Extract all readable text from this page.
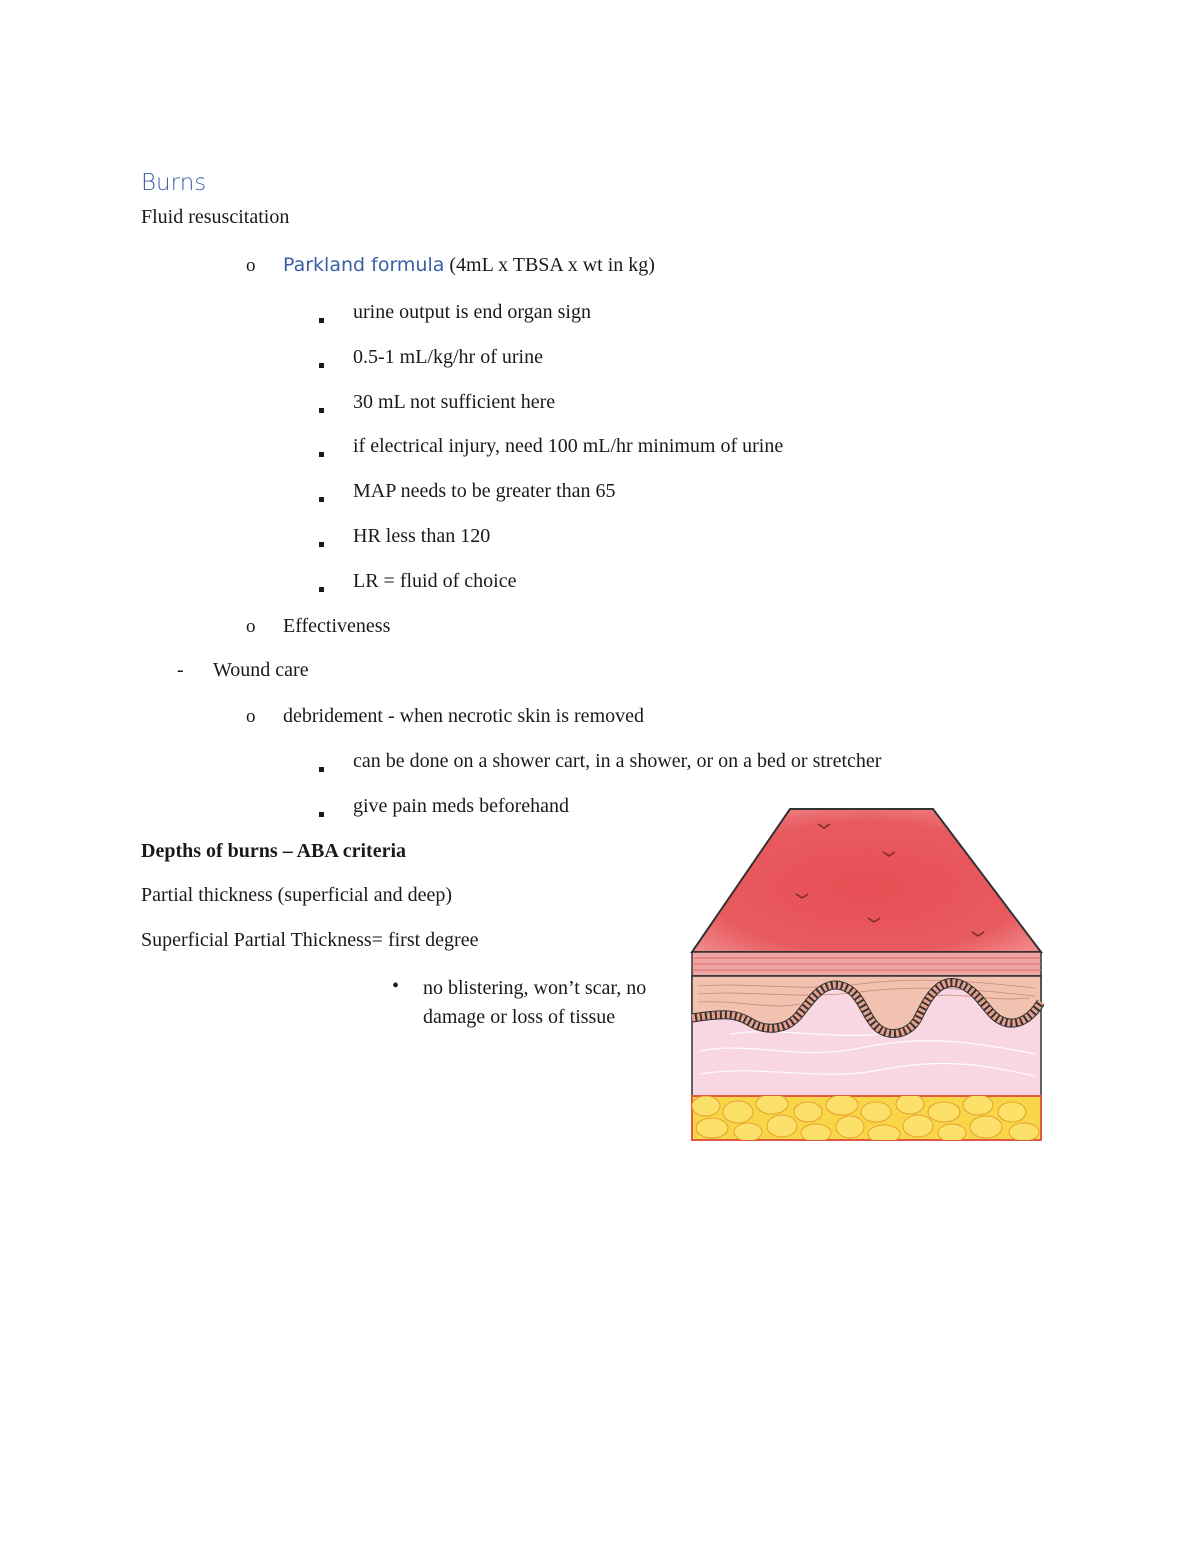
Burns
Fluid resuscitation
o Parkland formula (4mL x TBSA x wt in kg)
urine output is end organ sign
0.5-1 mL/kg/hr of urine
30 mL not sufficient here
if electrical injury, need 100 mL/hr minimum of urine
MAP needs to be greater than 65
HR less than 120
LR = fluid of choice
o Effectiveness
- Wound care
o debridement - when necrotic skin is removed
can be done on a shower cart, in a shower, or on a bed or stretcher
give pain meds beforehand
Depths of burns – ABA criteria
Partial thickness (superficial and deep)
Superficial Partial Thickness= first degree
• no blistering, won’t scar, no damage or loss of tissue
